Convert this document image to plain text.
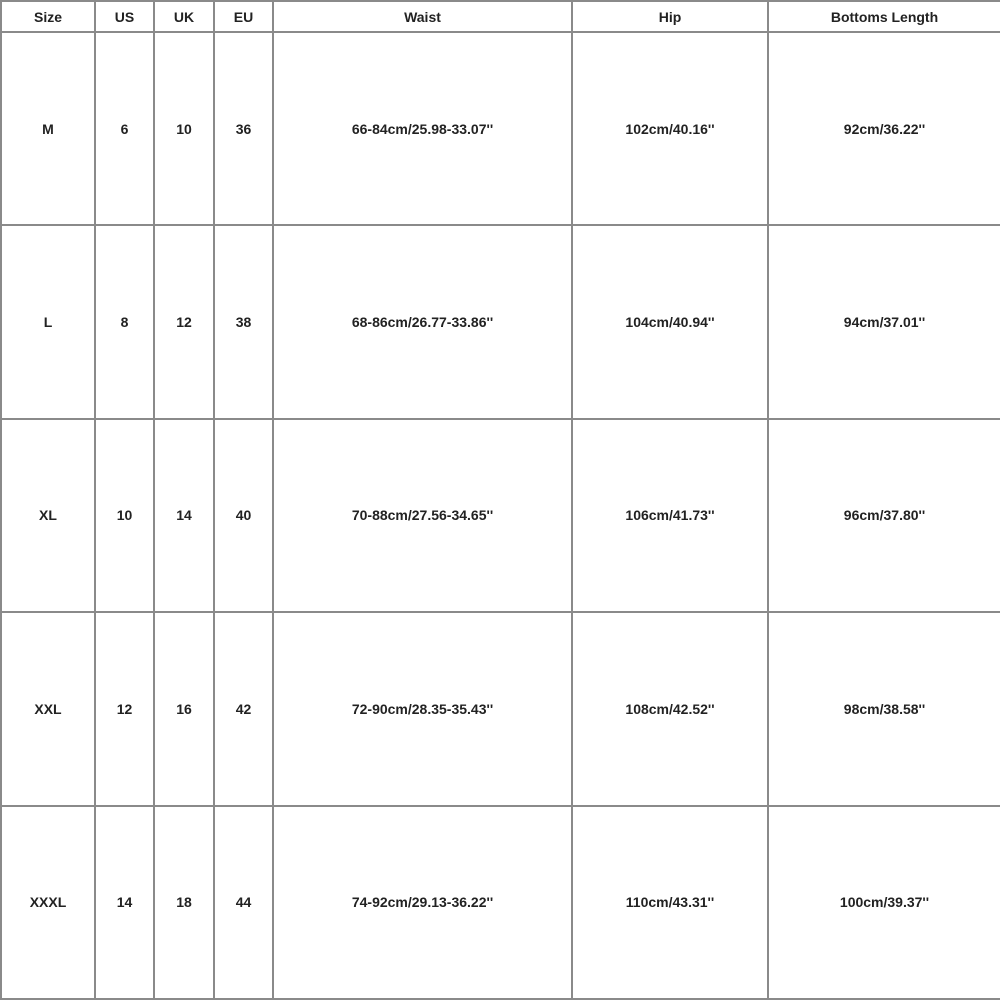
Size	US	UK	EU	Waist	Hip	Bottoms Length
M	6	10	36	66-84cm/25.98-33.07''	102cm/40.16''	92cm/36.22''
L	8	12	38	68-86cm/26.77-33.86''	104cm/40.94''	94cm/37.01''
XL	10	14	40	70-88cm/27.56-34.65''	106cm/41.73''	96cm/37.80''
XXL	12	16	42	72-90cm/28.35-35.43''	108cm/42.52''	98cm/38.58''
XXXL	14	18	44	74-92cm/29.13-36.22''	110cm/43.31''	100cm/39.37''
